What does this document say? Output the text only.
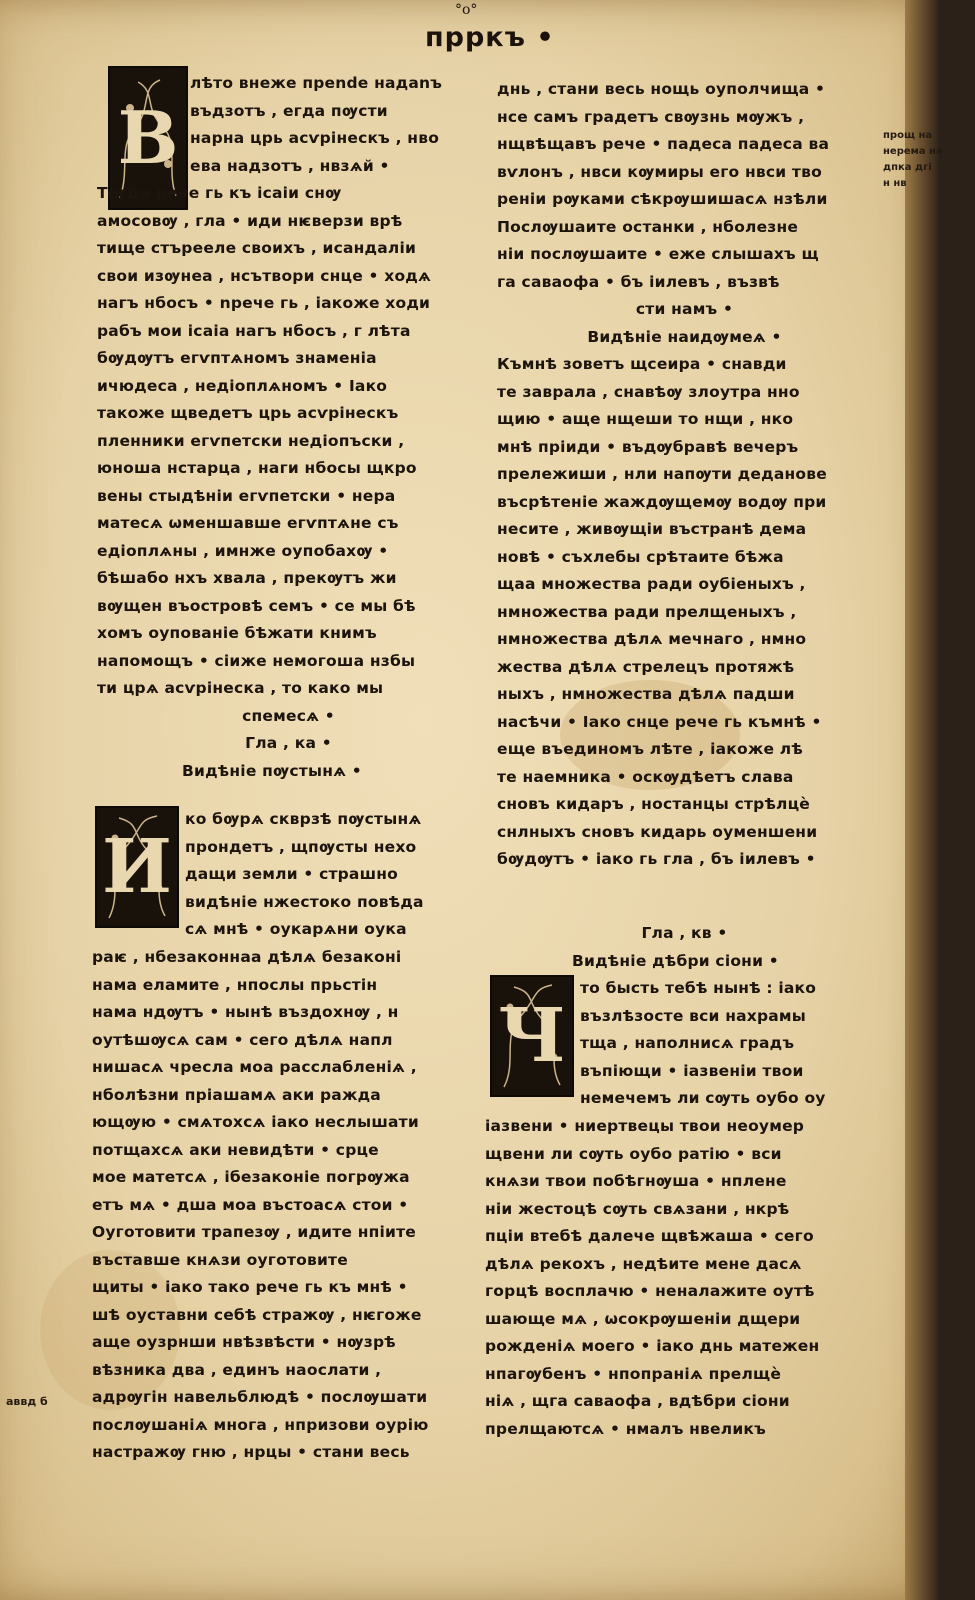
°o°
прркъ •
В
лѣто внеже прende надаnъ
въдзотъ , егда пѹсти
нарна црь асѵрiнескъ , нво
ева надзотъ , нвзѧй •
Тогда рече гь къ iсаiи снѹ
амосовѹ , гла • иди нѥверзи врѣ
тище стърееле своихъ , исандалiи
свои изѹнеа , нсътвори снце • ходѧ
нагъ нбосъ • nрече гь , iакоже ходи
рабъ мои iсаiа нагъ нбосъ , г лѣта
бѹдѹтъ егѵптѧномъ знаменiа
ичюдеса , недiоплѧномъ • Iако
такоже щведетъ црь асѵрiнескъ
пленники егѵпетски недiопъски ,
юноша нстарца , наги нбосы щкро
вены стыдѣнiи егѵпетски • нера
матесѧ ѡменшавше егѵптѧне съ
едiоплѧны , имнже оупобахѹ •
бѣшабо нхъ хвала , прекѹтъ жи
вѹщен въостровѣ семъ • се мы бѣ
хомъ оупованiе бѣжати книмъ
напомощъ • сiиже немогоша нзбы
ти црѧ асѵрiнеска , то како мы
спемесѧ •
Гла , ка •
Видѣнiе пѹстынѧ •
И
ко бѹрѧ скврзѣ пѹстынѧ
прoндетъ , щпѹсты нехо
дащи земли • страшно
видѣнiе нжестоко повѣда
сѧ мнѣ • оукарѧни оука
раѥ , нбезаконнаа дѣлѧ безаконi
нама еламите , нпослы прьстiн
нама ндѹтъ • нынѣ въздохнѹ , н
оутѣшѹсѧ сам • сего дѣлѧ напл
нишасѧ чресла моа расслабленiѧ ,
нболѣзни прiашамѧ аки ражда
ющѹю • смѧтохсѧ iако неслышати
потщахсѧ аки невидѣти • срце
мое матетсѧ , iбезаконiе погрѹжа
етъ мѧ • дша моа въстоасѧ стои •
Оуготовити трапезѹ , идите нпiите
въставше кнѧзи оуготовите
щиты • iако тако рече гь къ мнѣ •
шѣ оуставни себѣ стражѹ , нѥгоже
аще оузрнши нвѣзвѣсти • нѹзрѣ
вѣзника два , единъ наослати ,
адрѹгiн навельблюдѣ • послѹшати
послѹшанiѧ многа , нпризови оурiю
настражѹ гню , нрцы • стани весь
днь , стани весь нощь оуполчища •
нсе самъ градетъ свѹзнь мѹжъ ,
нщвѣщавъ рече • падеса падеса ва
вѵлонъ , нвси кѹмиры его нвси тво
ренiи рѹками сѣкрѹшишасѧ нзѣли
Послѹшаите останки , нболезне
нiи послѹшаите • еже слышахъ щ
га саваофа • бъ iилевъ , възвѣ
сти намъ •
Видѣнiе наидѹмеѧ •
Къмнѣ зоветъ щсеира • снавди
те заврала , снавѣѹ злоутра нно
щию • аще нщеши то нщи , нко
мнѣ прiиди • въдѹбравѣ вечеръ
прележиши , нли напѹти деданове
въсрѣтенiе жаждѹщемѹ водѹ при
несите , живѹщiи въстранѣ дема
новѣ • съхлебы срѣтаите бѣжа
щаа множества ради оубiеныхъ ,
нмножества ради прелщеныхъ ,
нмножества дѣлѧ мечнаго , нмно
жества дѣлѧ стрелецъ протяжѣ
ныхъ , нмножества дѣлѧ падши
насѣчи • Iако снце рече гь къмнѣ •
еще въединомъ лѣте , iакоже лѣ
те наемника • оскѹдѣетъ слава
сновъ кидаръ , ностанцы стрѣлцѐ
снлныхъ сновъ кидарь оуменшени
бѹдѹтъ • iако гь гла , бъ iилевъ •
Гла , кв •
Видѣнiе дѣбри сiони •
Ч
то бысть тебѣ нынѣ : iако
възлѣзосте вси нахрамы
тща , наполнисѧ градъ
въпiющи • iазвенiи твои
немечемъ ли сѹть оубо оу
iазвени • ниертвецы твои неоумер
щвени ли сѹть оубо ратiю • вси
кнѧзи твои побѣгнѹша • нплене
нiи жестоцѣ сѹть свѧзани , нкрѣ
пцiи втебѣ далече щвѣжаша • сего
дѣлѧ рекохъ , недѣите мене дасѧ
горцѣ восплачю • неналажите оутѣ
шающе мѧ , ѡсокрѹшенiи дщери
рожденiѧ моего • iако днь матежен
нпагѹбенъ • нпопранiѧ прелщѐ
нiѧ , щга саваофа , вдѣбри сiони
прелщаютсѧ • нмалъ нвеликъ
прощ на
нерема на
дпка дгі
н нв
аввд б
